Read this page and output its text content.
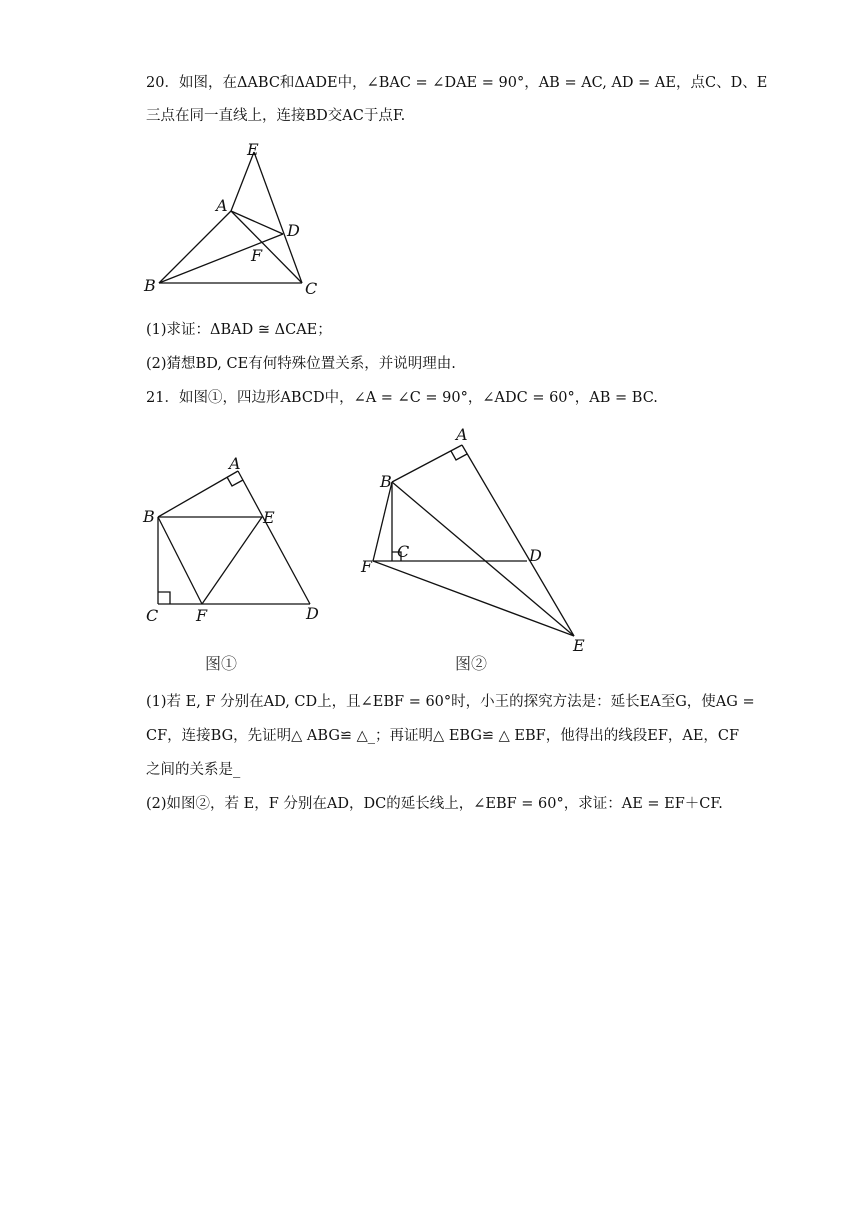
20．如图，在ΔABC和ΔADE中，∠BAC = ∠DAE = 90°，AB = AC, AD = AE，点C、D、E
三点在同一直线上，连接BD交AC于点F.
E
A
D
F
B	C
(1)求证：ΔBAD ≅ ΔCAE；
(2)猜想BD, CE有何特殊位置关系，并说明理由.
21．如图①，四边形ABCD中，∠A = ∠C = 90°，∠ADC = 60°，AB = BC.
A
B	E
C F	D
图①
A
B
C	D
F
E
图②
(1)若 E, F 分别在AD, CD上，且∠EBF = 60°时，小王的探究方法是：延长EA至G，使AG =
CF，连接BG，先证明△ ABG≌ △_；再证明△ EBG≌ △ EBF，他得出的线段EF，AE，CF
之间的关系是_
(2)如图②，若 E，F 分别在AD，DC的延长线上，∠EBF = 60°，求证：AE = EF＋CF.
